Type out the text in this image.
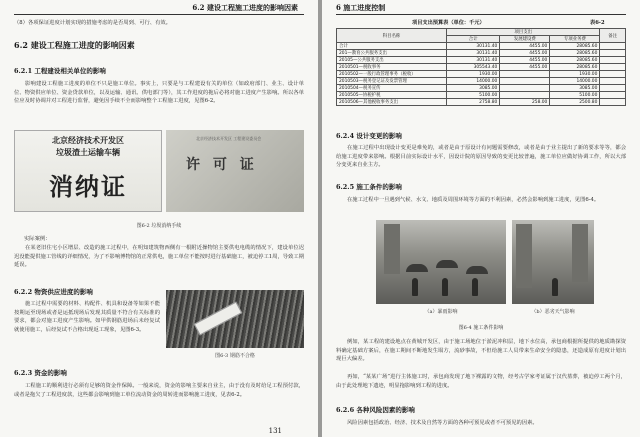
6.2 建设工程施工进度的影响因素
（8）各项保证进度计划实现的措施考虑的是否周到、可行、有效。
6.2 建设工程施工进度的影响因素
6.2.1 工程建设相关单位的影响
影响建设工程施工进度的单位不只是施工单位。事实上，只要是与工程建设有关的单位（如政府部门、业主、设计单位、物资供应单位、资金贷款单位，以及运输、通讯、供电部门等），其工作进度的拖后必将对施工进度产生影响。所以各单位应及时协调并对工程进行监督，避免因手续不全而影响整个工程施工进度，见图6-2。
北京经济技术开发区
垃圾渣土运输车辆
消纳证
北京经济技术开发区 工程建设委员会
许 可 证
图6-2 垃圾消纳手续
实际案例：
在某老旧住宅小区增层、改造的施工过程中，在明知建筑物西侧有一根附近操物馆主要供电电缆的情况下，建设单位迟迟没能提供施工管线的详细情况，为了不影响博物馆的正常供电，施工单位不能按时进行基础施工，被迫停工1周，导致工期延误。
6.2.2 物资供应进度的影响
施工过程中需要的材料、构配件、机具和设备等如果不能按期运至现场或者是运抵现场后发现其质量不符合有关标准的要求，都会对施工进度产生影响。如甲供钢筋进场后未经复试就使用施工，后经复试不合格出现返工现象，见图6-3。
图6-3 钢筋不合格
6.2.3 资金的影响
工程施工的顺利进行必须有足够的资金作保障。一般来说，资金的影响主要来自业主，由于没有及时给足工程预付款，或者是拖欠了工程进度款，这些都会影响到施工单位流动资金的周转进而影响施工进度，见表6-2。
131
6 施工进度控制
项目支出预算表（单位：千元）	表6-2
科目名称	项目支出			备注
	合计	发展建设费	专项业务费	
合计	30131.40	4455.00	28085.60	
201—教育公共服务支出	30131.40	4455.00	28085.60	
20105—公共服务支出	30131.40	4455.00	28085.60	
2010501—税收事务	305543.40	4455.00	28085.60	
2010502—一般行政管理事务（税收）	1930.00		1930.00	
2010503—税务登记证及发票管理	14000.00		14000.00	
2010504—税务宣传	3085.00		3085.00	
2010505—协税护税	5100.00		5100.00	
2010506—其他税收事务支出	2758.80	258.00	2500.80	
6.2.4 设计变更的影响
在施工过程中出现设计变更是难免的，或者是由于原设计有问题需要修改，或者是由于业主提出了新的要求等等，都会给施工进度带来影响。根据目前实际设计水平，因设计院的原因导致的变更比较普遍，施工单位应做好协调工作，所以大部分变更来自业主方。
6.2.5 施工条件的影响
在施工过程中一旦遇到气候、水文、地质及周围环境等方面的不利因素，必然会影响到施工进度，见图6-4。
（a）暴雨影响	（b）恶劣天气影响
图6-4 施工条件影响
例如，某工程的建设地点在黄城开发区，由于施工场地位于淤泥冲积层，地下水位高，承包商根据所提供的地质勘探资料确定基础方案后，在施工期间不断地发生塌方，流砂事故，不但给施工人员带来生命安全的隐患，还造成原有进度计划出现巨大偏差。
再如，“某某广场”进行主体施工时，承包商发现了地下裸露的文物，经考古学家考证属于汉代墓葬，被迫停工两个月，由于此处理地下遗迹，明显拖影响到工程的进度。
6.2.6 各种风险因素的影响
风险因素包括政治、经济、技术及自然等方面的各种可预见或者不可预见的因素。
